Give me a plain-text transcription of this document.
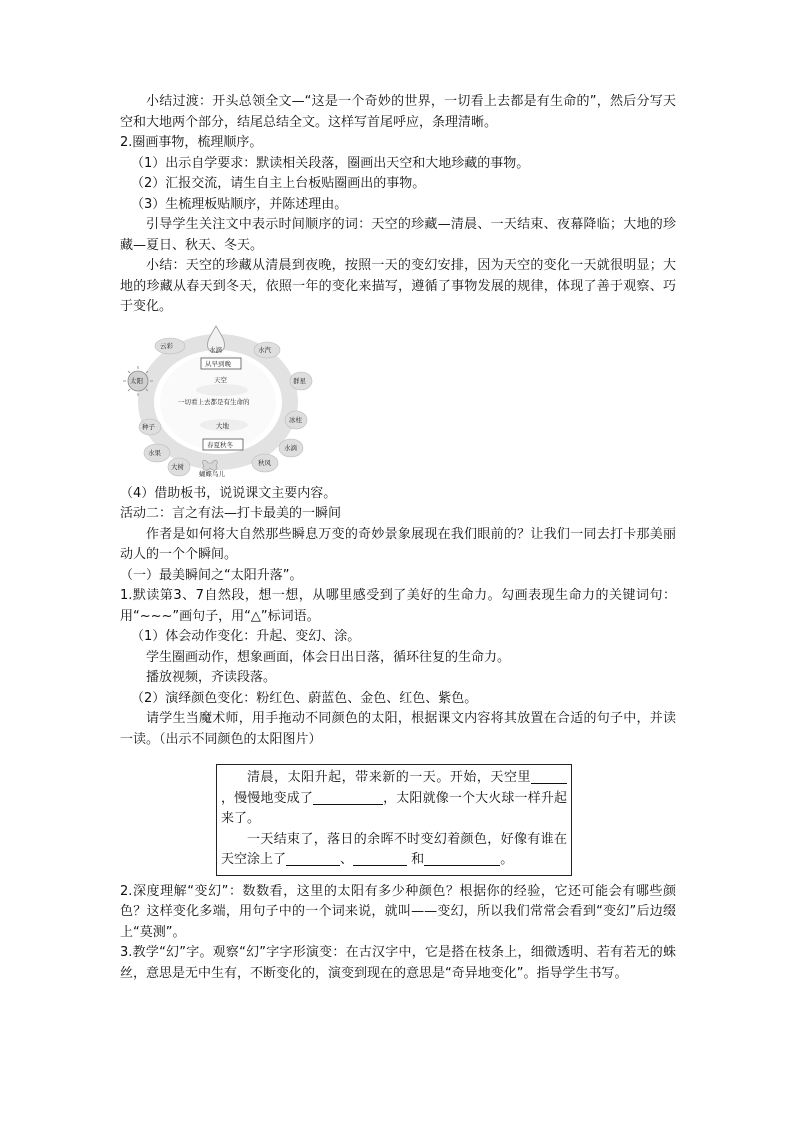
小结过渡：开头总领全文—“这是一个奇妙的世界，一切看上去都是有生命的”，然后分写天空和大地两个部分，结尾总结全文。这样写首尾呼应，条理清晰。

2.圈画事物，梳理顺序。

（1）出示自学要求：默读相关段落，圈画出天空和大地珍藏的事物。

（2）汇报交流，请生自主上台板贴圈画出的事物。

（3）生梳理板贴顺序，并陈述理由。

引导学生关注文中表示时间顺序的词：天空的珍藏—清晨、一天结束、夜幕降临；大地的珍藏—夏日、秋天、冬天。

小结：天空的珍藏从清晨到夜晚，按照一天的变幻安排，因为天空的变化一天就很明显；大地的珍藏从春天到冬天，依照一年的变化来描写，遵循了事物发展的规律，体现了善于观察、巧于变化。

云彩	水滴	水汽
太阳	群星
冰柱
种子
水滴
水果
秋风
大树
蝴蝶鸟儿
从早到晚
天空
一切看上去都是有生命的
大地
春夏秋冬

（4）借助板书，说说课文主要内容。

活动二：言之有法—打卡最美的一瞬间

作者是如何将大自然那些瞬息万变的奇妙景象展现在我们眼前的？让我们一同去打卡那美丽动人的一个个瞬间。

（一）最美瞬间之“太阳升落”。

1.默读第3、7自然段，想一想，从哪里感受到了美好的生命力。勾画表现生命力的关键词句：用“~~~”画句子，用“△”标词语。

（1）体会动作变化：升起、变幻、涂。

学生圈画动作，想象画面，体会日出日落，循环往复的生命力。

播放视频，齐读段落。

（2）演绎颜色变化：粉红色、蔚蓝色、金色、红色、紫色。

请学生当魔术师，用手拖动不同颜色的太阳，根据课文内容将其放置在合适的句子中，并读一读。（出示不同颜色的太阳图片）

清晨，太阳升起，带来新的一天。开始，天空里，慢慢地变成了	，太阳就像一个大火球一样升起来了。

一天结束了，落日的余晖不时变幻着颜色，好像有谁在天空涂上了	、	和	。

2.深度理解“变幻”：数数看，这里的太阳有多少种颜色？根据你的经验，它还可能会有哪些颜色？这样变化多端，用句子中的一个词来说，就叫——变幻，所以我们常常会看到“变幻”后边缀上“莫测”。

3.教学“幻”字。观察“幻”字字形演变：在古汉字中，它是搭在枝条上，细微透明、若有若无的蛛丝，意思是无中生有，不断变化的，演变到现在的意思是“奇异地变化”。指导学生书写。
